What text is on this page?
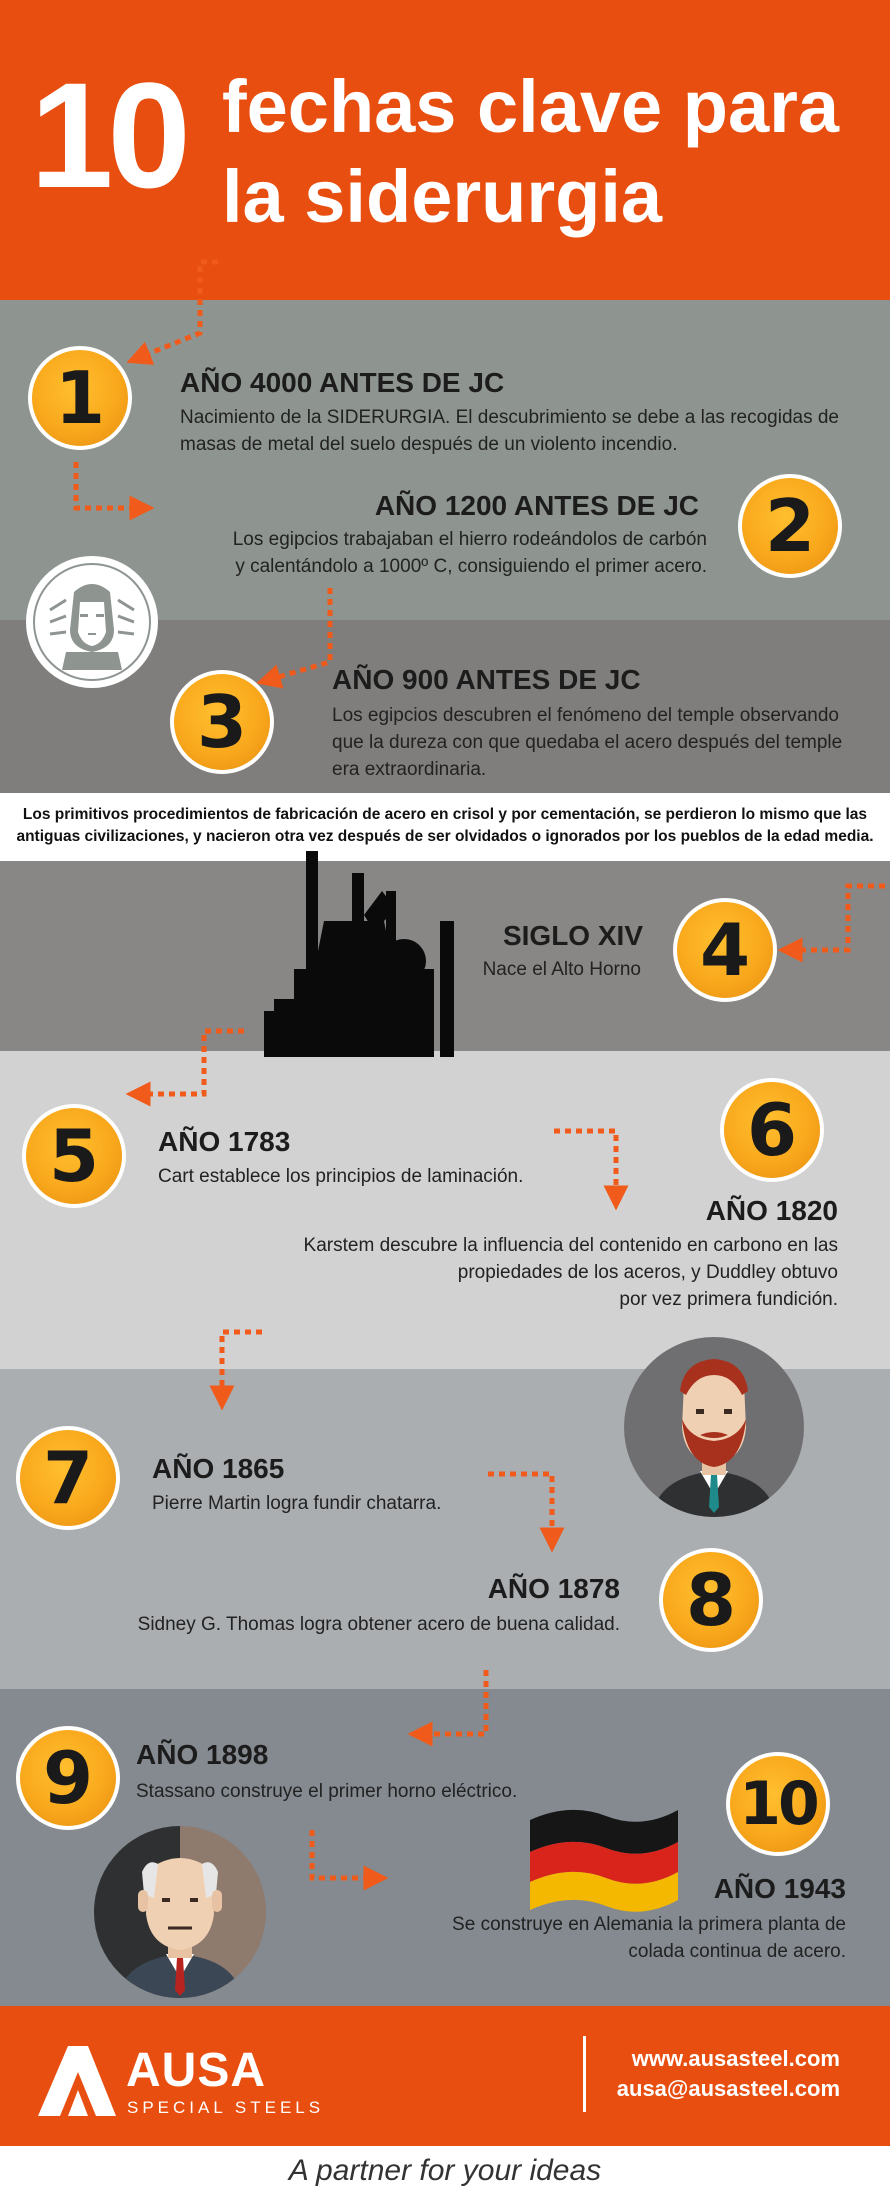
10 fechas clave para
la siderurgia
Los primitivos procedimientos de fabricación de acero en crisol y por cementación, se perdieron lo mismo que las
antiguas civilizaciones, y nacieron otra vez después de ser olvidados o ignorados por los pueblos de la edad media.
1	AÑO 4000 ANTES DE JC
Nacimiento de la SIDERURGIA. El descubrimiento se debe a las recogidas de
masas de metal del suelo después de un violento incendio.
2
AÑO 1200 ANTES DE JC
Los egipcios trabajaban el hierro rodeándolos de carbón
y calentándolo a 1000º C, consiguiendo el primer acero.
3
AÑO 900 ANTES DE JC
Los egipcios descubren el fenómeno del temple observando
que la dureza con que quedaba el acero después del temple
era extraordinaria.
4
SIGLO XIV
Nace el Alto Horno
5 AÑO 1783
Cart establece los principios de laminación.
6
AÑO 1820
Karstem descubre la influencia del contenido en carbono en las
propiedades de los aceros, y Duddley obtuvo
por vez primera fundición.
7 AÑO 1865
Pierre Martin logra fundir chatarra.
8
AÑO 1878
Sidney G. Thomas logra obtener acero de buena calidad.
9 AÑO 1898
Stassano construye el primer horno eléctrico.	10
AÑO 1943
Se construye en Alemania la primera planta de
colada continua de acero.
AUSA
SPECIAL STEELS
www.ausasteel.com
ausa@ausasteel.com
A partner for your ideas
